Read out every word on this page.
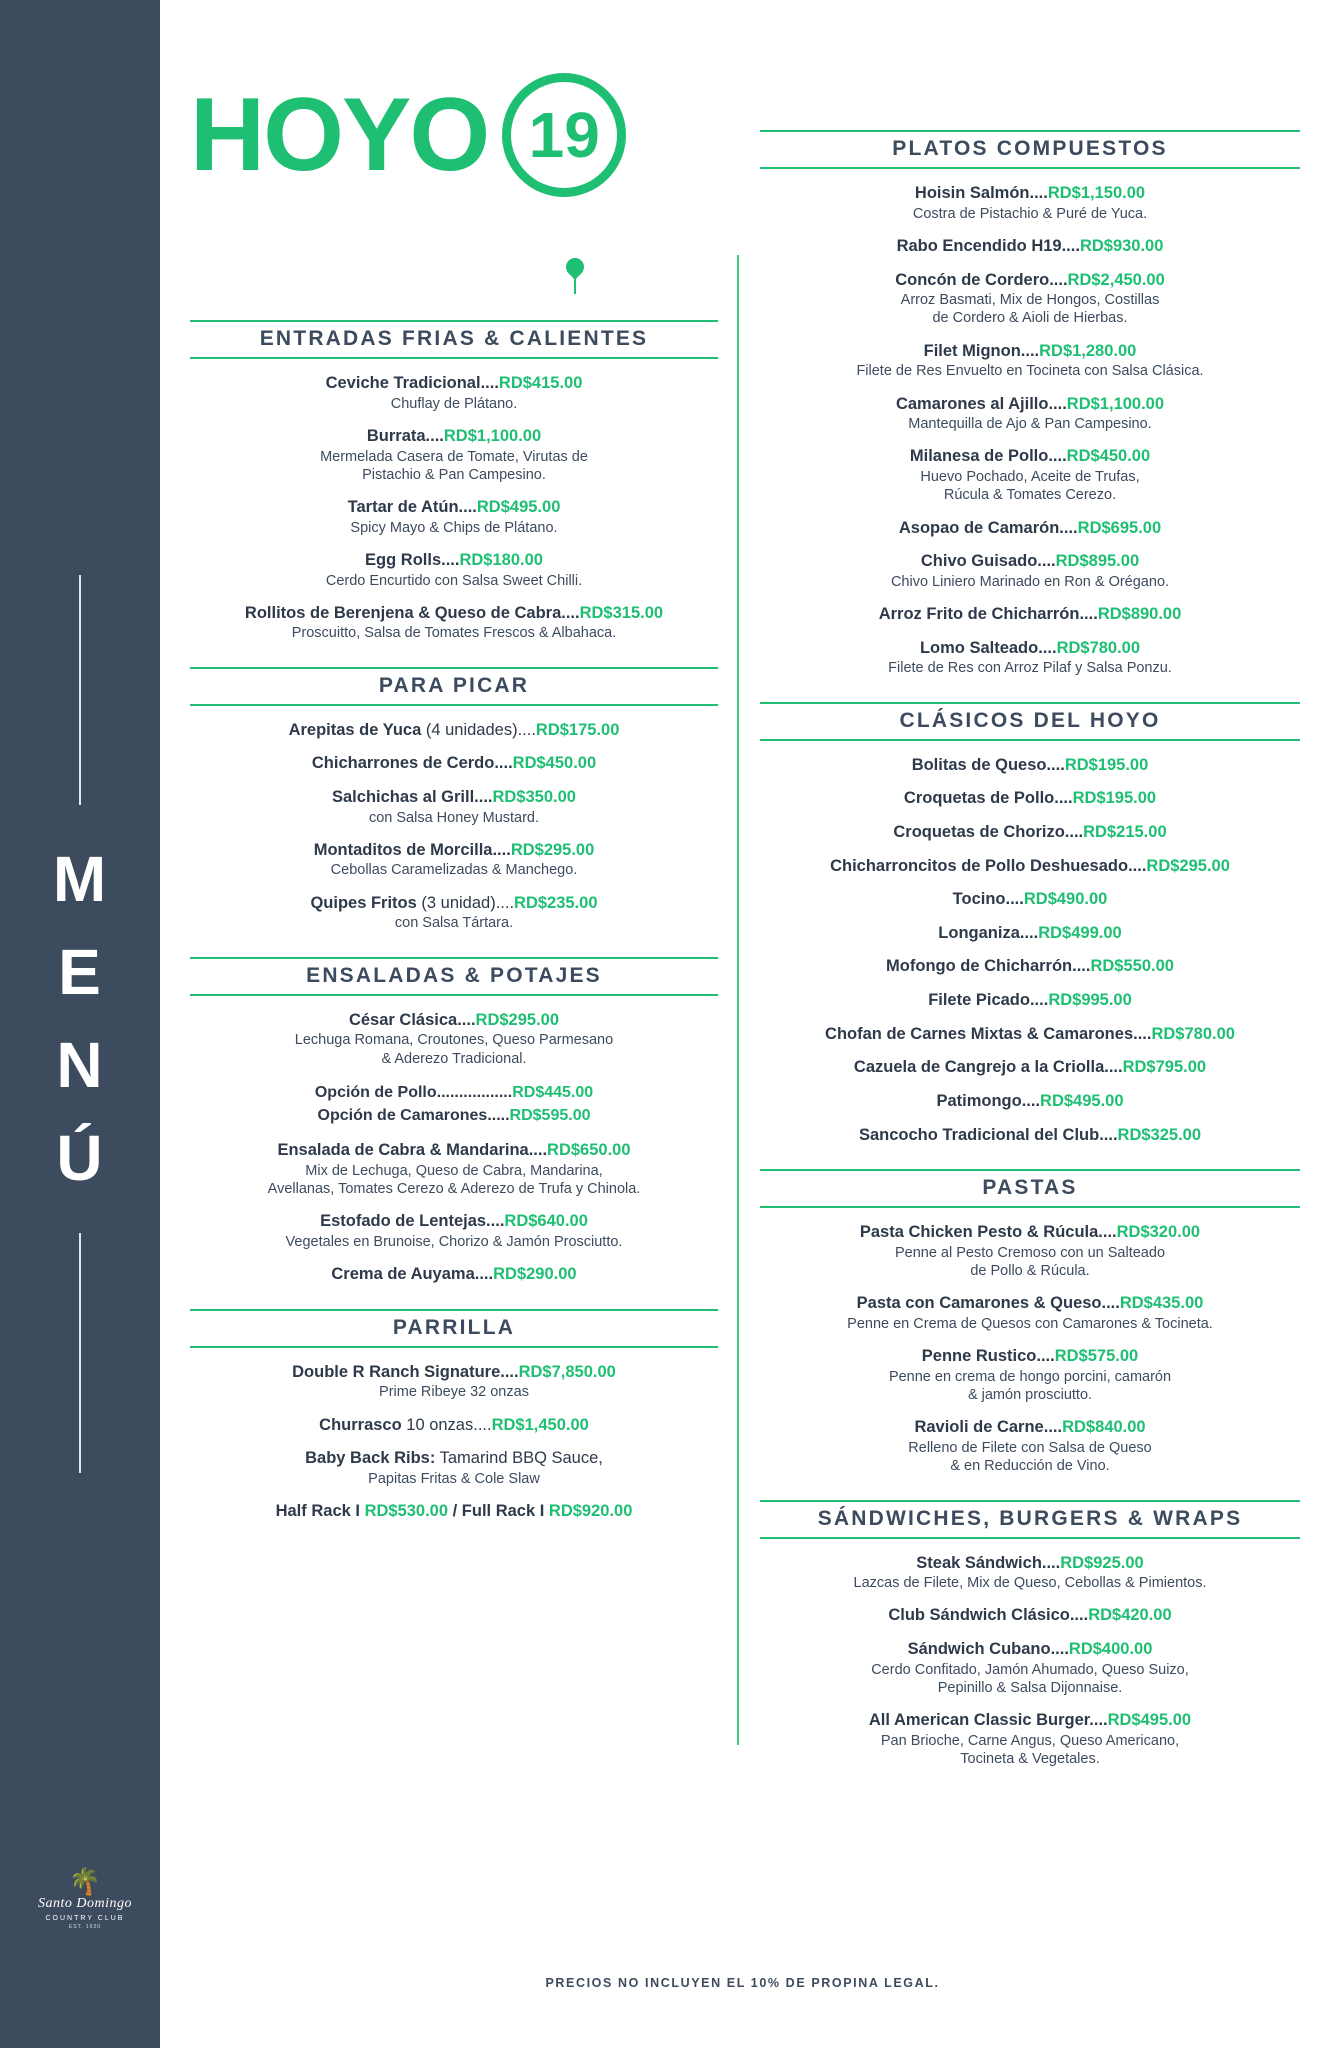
M
E
N
Ú
🌴
Santo Domingo
COUNTRY CLUB
EST. 1920
HOYO 19
ENTRADAS FRIAS & CALIENTES
Ceviche Tradicional....RD$415.00
Chuflay de Plátano.
Burrata....RD$1,100.00
Mermelada Casera de Tomate, Virutas de
Pistachio & Pan Campesino.
Tartar de Atún....RD$495.00
Spicy Mayo & Chips de Plátano.
Egg Rolls....RD$180.00
Cerdo Encurtido con Salsa Sweet Chilli.
Rollitos de Berenjena & Queso de Cabra....RD$315.00
Proscuitto, Salsa de Tomates Frescos & Albahaca.
PARA PICAR
Arepitas de Yuca (4 unidades)....RD$175.00
Chicharrones de Cerdo....RD$450.00
Salchichas al Grill....RD$350.00
con Salsa Honey Mustard.
Montaditos de Morcilla....RD$295.00
Cebollas Caramelizadas & Manchego.
Quipes Fritos (3 unidad)....RD$235.00
con Salsa Tártara.
ENSALADAS & POTAJES
César Clásica....RD$295.00
Lechuga Romana, Croutones, Queso Parmesano
& Aderezo Tradicional.
Opción de Pollo.................RD$445.00
Opción de Camarones.....RD$595.00
Ensalada de Cabra & Mandarina....RD$650.00
Mix de Lechuga, Queso de Cabra, Mandarina,
Avellanas, Tomates Cerezo & Aderezo de Trufa y Chinola.
Estofado de Lentejas....RD$640.00
Vegetales en Brunoise, Chorizo & Jamón Prosciutto.
Crema de Auyama....RD$290.00
PARRILLA
Double R Ranch Signature....RD$7,850.00
Prime Ribeye 32 onzas
Churrasco 10 onzas....RD$1,450.00
Baby Back Ribs: Tamarind BBQ Sauce,
Papitas Fritas & Cole Slaw
Half Rack I RD$530.00 / Full Rack I RD$920.00
PLATOS COMPUESTOS
Hoisin Salmón....RD$1,150.00
Costra de Pistachio & Puré de Yuca.
Rabo Encendido H19....RD$930.00
Concón de Cordero....RD$2,450.00
Arroz Basmati, Mix de Hongos, Costillas
de Cordero & Aioli de Hierbas.
Filet Mignon....RD$1,280.00
Filete de Res Envuelto en Tocineta con Salsa Clásica.
Camarones al Ajillo....RD$1,100.00
Mantequilla de Ajo & Pan Campesino.
Milanesa de Pollo....RD$450.00
Huevo Pochado, Aceite de Trufas,
Rúcula & Tomates Cerezo.
Asopao de Camarón....RD$695.00
Chivo Guisado....RD$895.00
Chivo Liniero Marinado en Ron & Orégano.
Arroz Frito de Chicharrón....RD$890.00
Lomo Salteado....RD$780.00
Filete de Res con Arroz Pilaf y Salsa Ponzu.
CLÁSICOS DEL HOYO
Bolitas de Queso....RD$195.00
Croquetas de Pollo....RD$195.00
Croquetas de Chorizo....RD$215.00
Chicharroncitos de Pollo Deshuesado....RD$295.00
Tocino....RD$490.00
Longaniza....RD$499.00
Mofongo de Chicharrón....RD$550.00
Filete Picado....RD$995.00
Chofan de Carnes Mixtas & Camarones....RD$780.00
Cazuela de Cangrejo a la Criolla....RD$795.00
Patimongo....RD$495.00
Sancocho Tradicional del Club....RD$325.00
PASTAS
Pasta Chicken Pesto & Rúcula....RD$320.00
Penne al Pesto Cremoso con un Salteado
de Pollo & Rúcula.
Pasta con Camarones & Queso....RD$435.00
Penne en Crema de Quesos con Camarones & Tocineta.
Penne Rustico....RD$575.00
Penne en crema de hongo porcini, camarón
& jamón prosciutto.
Ravioli de Carne....RD$840.00
Relleno de Filete con Salsa de Queso
& en Reducción de Vino.
SÁNDWICHES, BURGERS & WRAPS
Steak Sándwich....RD$925.00
Lazcas de Filete, Mix de Queso, Cebollas & Pimientos.
Club Sándwich Clásico....RD$420.00
Sándwich Cubano....RD$400.00
Cerdo Confitado, Jamón Ahumado, Queso Suizo,
Pepinillo & Salsa Dijonnaise.
All American Classic Burger....RD$495.00
Pan Brioche, Carne Angus, Queso Americano,
Tocineta & Vegetales.
PRECIOS NO INCLUYEN EL 10% DE PROPINA LEGAL.
